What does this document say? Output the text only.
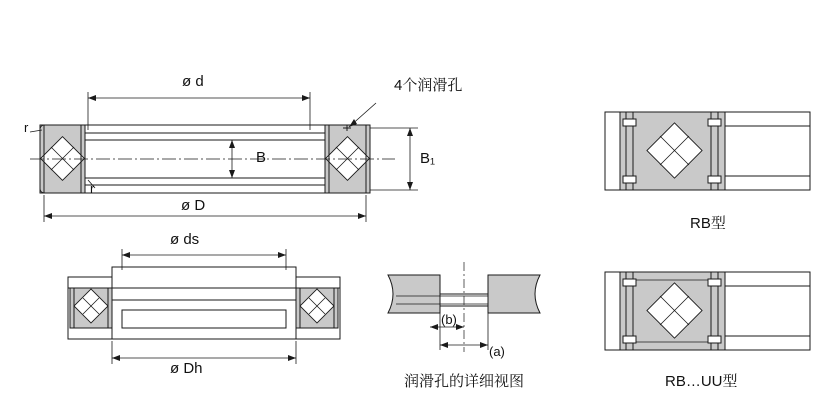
ø d
ø D
B	B₁
r
r
4个润滑孔
ø ds
ø Dh
(b)
(a)
润滑孔的详细视图
RB型
RB…UU型
